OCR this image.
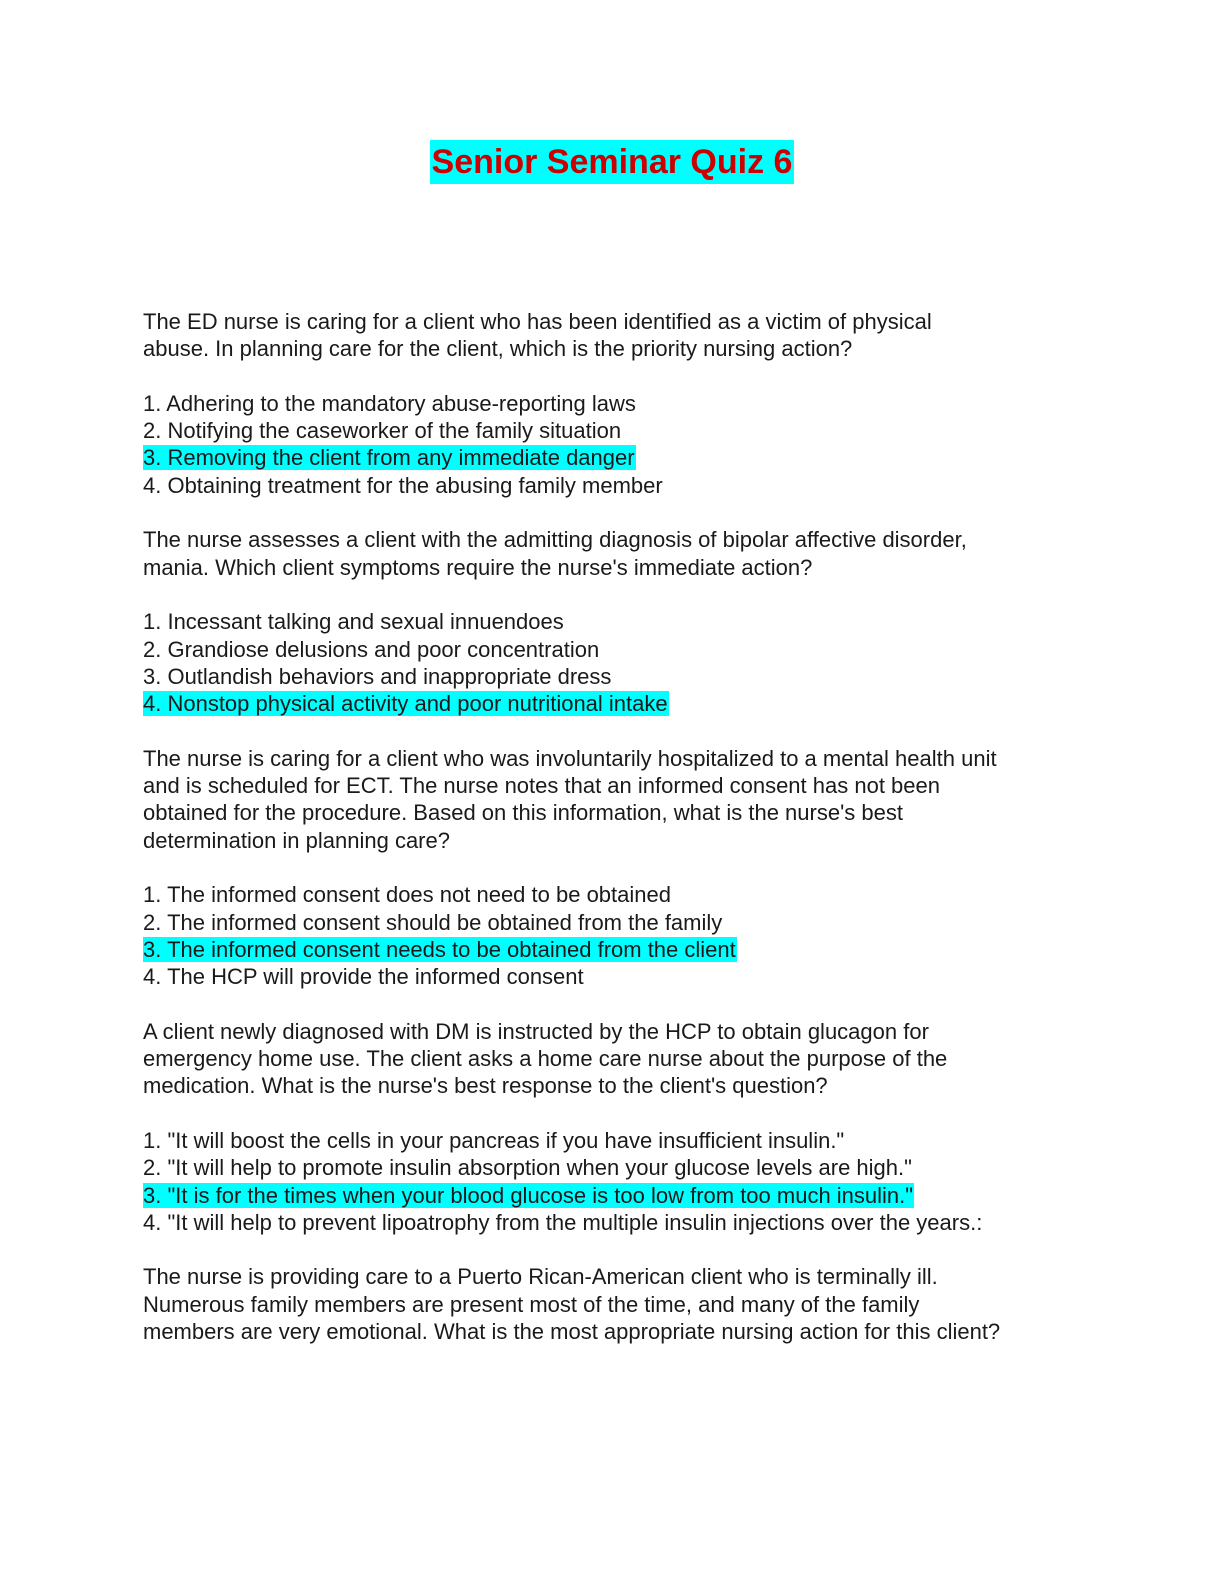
Senior Seminar Quiz 6
The ED nurse is caring for a client who has been identified as a victim of physical
abuse. In planning care for the client, which is the priority nursing action?
1. Adhering to the mandatory abuse-reporting laws
2. Notifying the caseworker of the family situation
3. Removing the client from any immediate danger
4. Obtaining treatment for the abusing family member
The nurse assesses a client with the admitting diagnosis of bipolar affective disorder,
mania. Which client symptoms require the nurse's immediate action?
1. Incessant talking and sexual innuendoes
2. Grandiose delusions and poor concentration
3. Outlandish behaviors and inappropriate dress
4. Nonstop physical activity and poor nutritional intake
The nurse is caring for a client who was involuntarily hospitalized to a mental health unit
and is scheduled for ECT. The nurse notes that an informed consent has not been
obtained for the procedure. Based on this information, what is the nurse's best
determination in planning care?
1. The informed consent does not need to be obtained
2. The informed consent should be obtained from the family
3. The informed consent needs to be obtained from the client
4. The HCP will provide the informed consent
A client newly diagnosed with DM is instructed by the HCP to obtain glucagon for
emergency home use. The client asks a home care nurse about the purpose of the
medication. What is the nurse's best response to the client's question?
1. "It will boost the cells in your pancreas if you have insufficient insulin."
2. "It will help to promote insulin absorption when your glucose levels are high."
3. "It is for the times when your blood glucose is too low from too much insulin."
4. "It will help to prevent lipoatrophy from the multiple insulin injections over the years.:
The nurse is providing care to a Puerto Rican-American client who is terminally ill.
Numerous family members are present most of the time, and many of the family
members are very emotional. What is the most appropriate nursing action for this client?
